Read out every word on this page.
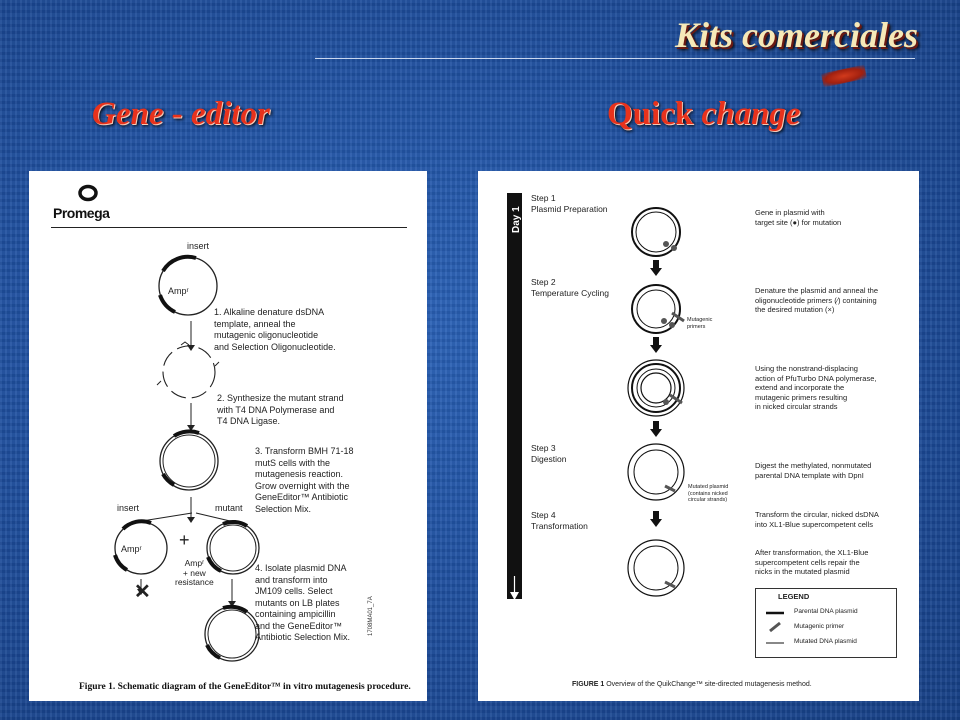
Kits comerciales
Gene - editor	Quick change
Promega
insert
Ampʳ
1. Alkaline denature dsDNA
template, anneal the
mutagenic oligonucleotide
and Selection Oligonucleotide.
2. Synthesize the mutant strand
with T4 DNA Polymerase and
T4 DNA Ligase.
3. Transform BMH 71-18
mutS cells with the
mutagenesis reaction.
Grow overnight with the
GeneEditor™ Antibiotic
Selection Mix.
insert	mutant
Ampʳ +
Ampʳ
+ new
resistance
4. Isolate plasmid DNA
and transform into
JM109 cells. Select
mutants on LB plates
containing ampicillin
and the GeneEditor™
Antibiotic Selection Mix.
✕
1708MA01_7A
Figure 1. Schematic diagram of the GeneEditor™ in vitro mutagenesis procedure.
Day 1
Step 1
Plasmid Preparation	Gene in plasmid with
target site (●) for mutation
Step 2
Temperature Cycling	Denature the plasmid and anneal the
oligonucleotide primers (⁄) containing
the desired mutation (×)
Mutagenic
primers
Using the nonstrand-displacing
action of PfuTurbo DNA polymerase,
extend and incorporate the
mutagenic primers resulting
in nicked circular strands
Step 3
Digestion
Digest the methylated, nonmutated
parental DNA template with DpnI
Mutated plasmid
(contains nicked
circular strands)
Step 4
Transformation
Transform the circular, nicked dsDNA
into XL1-Blue supercompetent cells
After transformation, the XL1-Blue
supercompetent cells repair the
nicks in the mutated plasmid
LEGEND
Parental DNA plasmid
Mutagenic primer
Mutated DNA plasmid
FIGURE 1 Overview of the QuikChange™ site-directed mutagenesis method.
